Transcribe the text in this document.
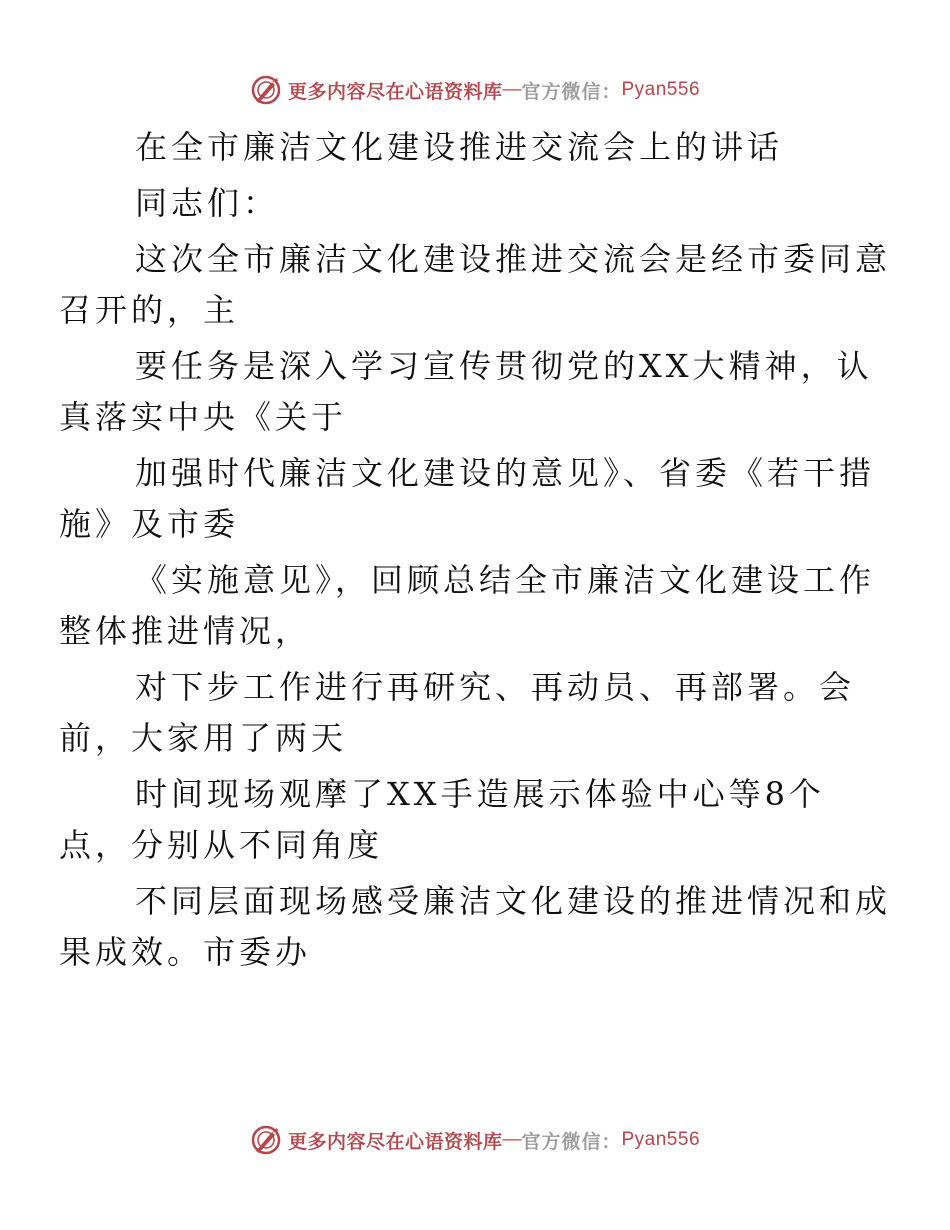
更多内容尽在心语资料库 — 官方微信： Pyan556

在全市廉洁文化建设推进交流会上的讲话

同志们：

这次全市廉洁文化建设推进交流会是经市委同意
召开的，主

要任务是深入学习宣传贯彻党的XX大精神，认
真落实中央《关于

加强时代廉洁文化建设的意见》、省委《若干措
施》及市委

《实施意见》，回顾总结全市廉洁文化建设工作
整体推进情况，

对下步工作进行再研究、再动员、再部署。会
前，大家用了两天

时间现场观摩了XX手造展示体验中心等8个
点，分别从不同角度

不同层面现场感受廉洁文化建设的推进情况和成
果成效。市委办

更多内容尽在心语资料库 — 官方微信： Pyan556
